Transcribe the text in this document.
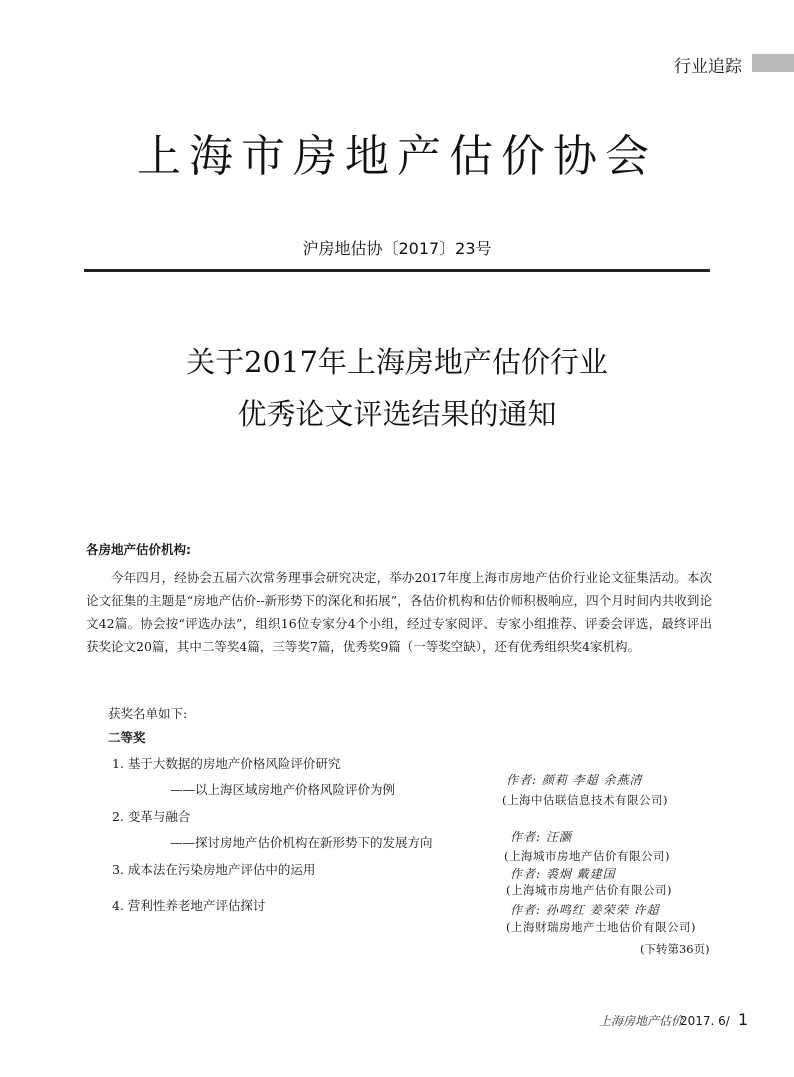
行业追踪
上海市房地产估价协会
沪房地估协〔2017〕23号
关于2017年上海房地产估价行业
优秀论文评选结果的通知
各房地产估价机构:

今年四月，经协会五届六次常务理事会研究决定，举办2017年度上海市房地产估价行业论文征集活动。本次论文征集的主题是“房地产估价--新形势下的深化和拓展”，各估价机构和估价师积极响应，四个月时间内共收到论文42篇。协会按“评选办法”，组织16位专家分4个小组，经过专家阅评、专家小组推荐、评委会评选，最终评出获奖论文20篇，其中二等奖4篇，三等奖7篇，优秀奖9篇（一等奖空缺），还有优秀组织奖4家机构。

获奖名单如下:
二等奖
1. 基于大数据的房地产价格风险评价研究
——以上海区域房地产价格风险评价为例
作者: 颜莉 李超 余燕清
(上海中估联信息技术有限公司)
2. 变革与融合
——探讨房地产估价机构在新形势下的发展方向	作者: 汪灏
(上海城市房地产估价有限公司)
3. 成本法在污染房地产评估中的运用	作者: 裘炯 戴建国
(上海城市房地产估价有限公司)
4. 营利性养老地产评估探讨	作者: 孙鸣红 姜荣荣 许超
(上海财瑞房地产土地估价有限公司)
(下转第36页)
上海房地产估价
2017. 6/ 1
